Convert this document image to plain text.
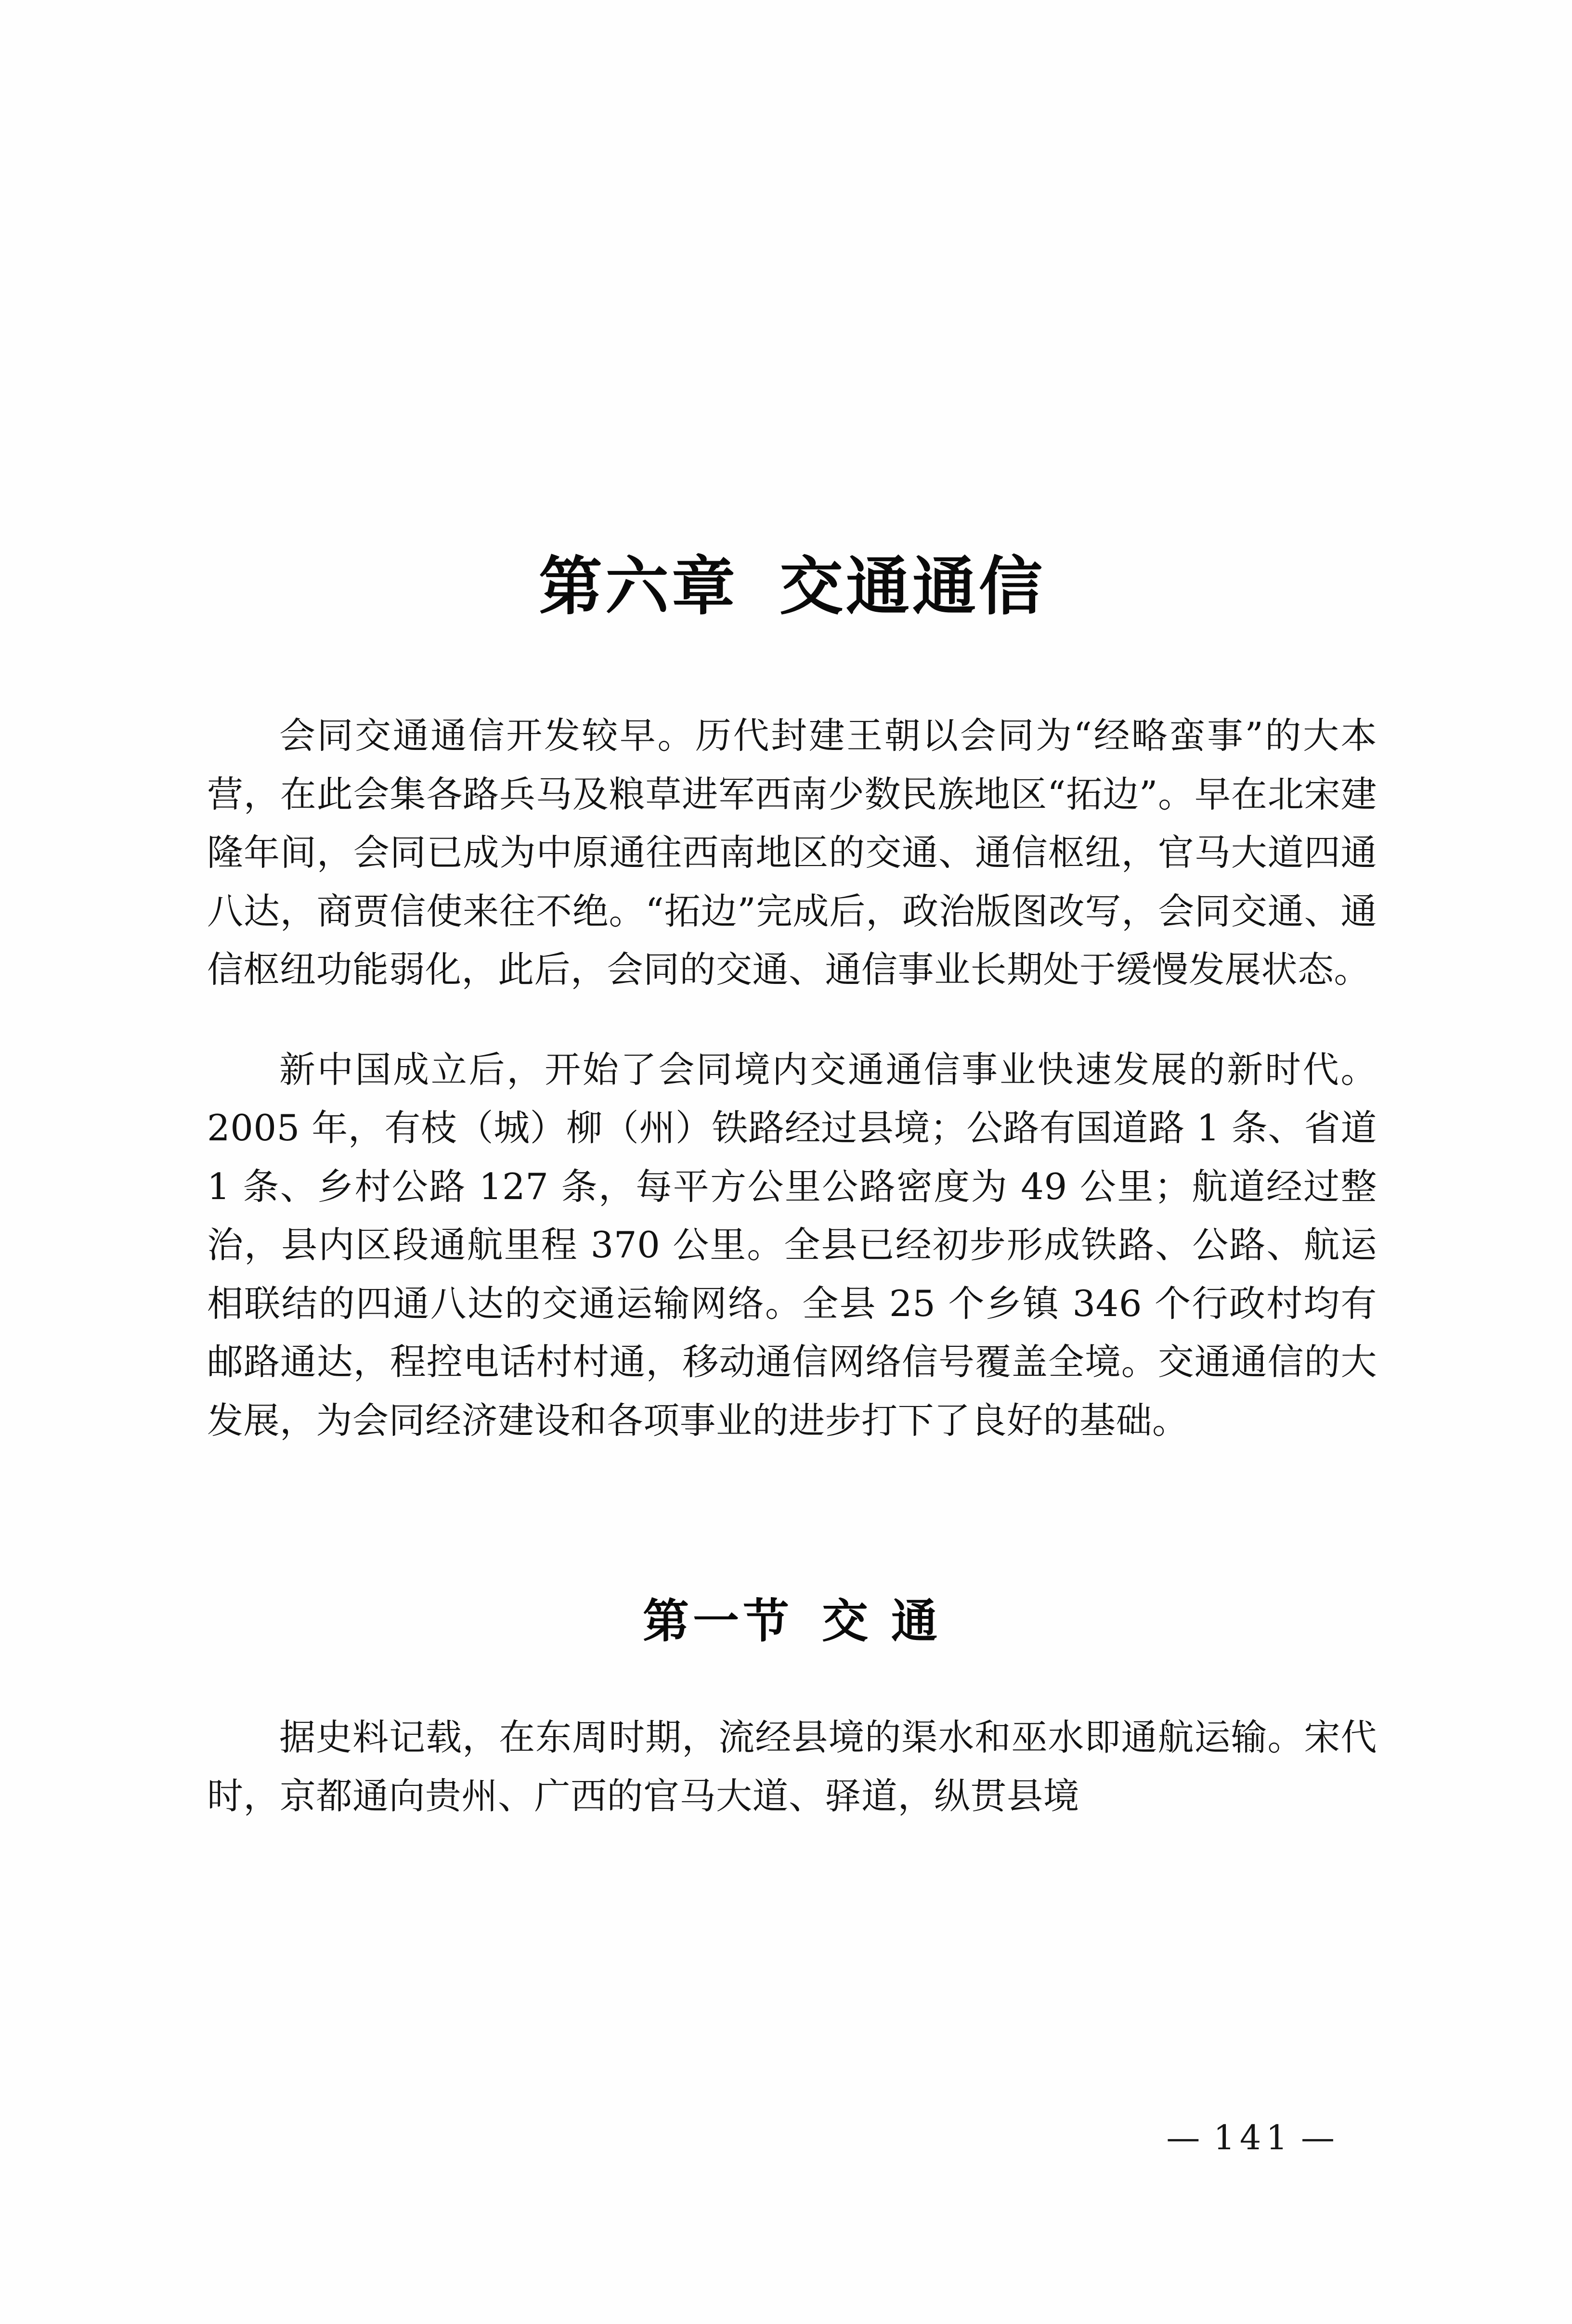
第六章 交通通信

会同交通通信开发较早。历代封建王朝以会同为“经略蛮事”的大本营，在此会集各路兵马及粮草进军西南少数民族地区“拓边”。早在北宋建隆年间，会同已成为中原通往西南地区的交通、通信枢纽，官马大道四通八达，商贾信使来往不绝。“拓边”完成后，政治版图改写，会同交通、通信枢纽功能弱化，此后，会同的交通、通信事业长期处于缓慢发展状态。

新中国成立后，开始了会同境内交通通信事业快速发展的新时代。2005 年，有枝（城）柳（州）铁路经过县境；公路有国道路 1 条、省道 1 条、乡村公路 127 条，每平方公里公路密度为 49 公里；航道经过整治，县内区段通航里程 370 公里。全县已经初步形成铁路、公路、航运相联结的四通八达的交通运输网络。全县 25 个乡镇 346 个行政村均有邮路通达，程控电话村村通，移动通信网络信号覆盖全境。交通通信的大发展，为会同经济建设和各项事业的进步打下了良好的基础。

第一节 交 通

据史料记载，在东周时期，流经县境的渠水和巫水即通航运输。宋代时，京都通向贵州、广西的官马大道、驿道，纵贯县境

— 141 —
